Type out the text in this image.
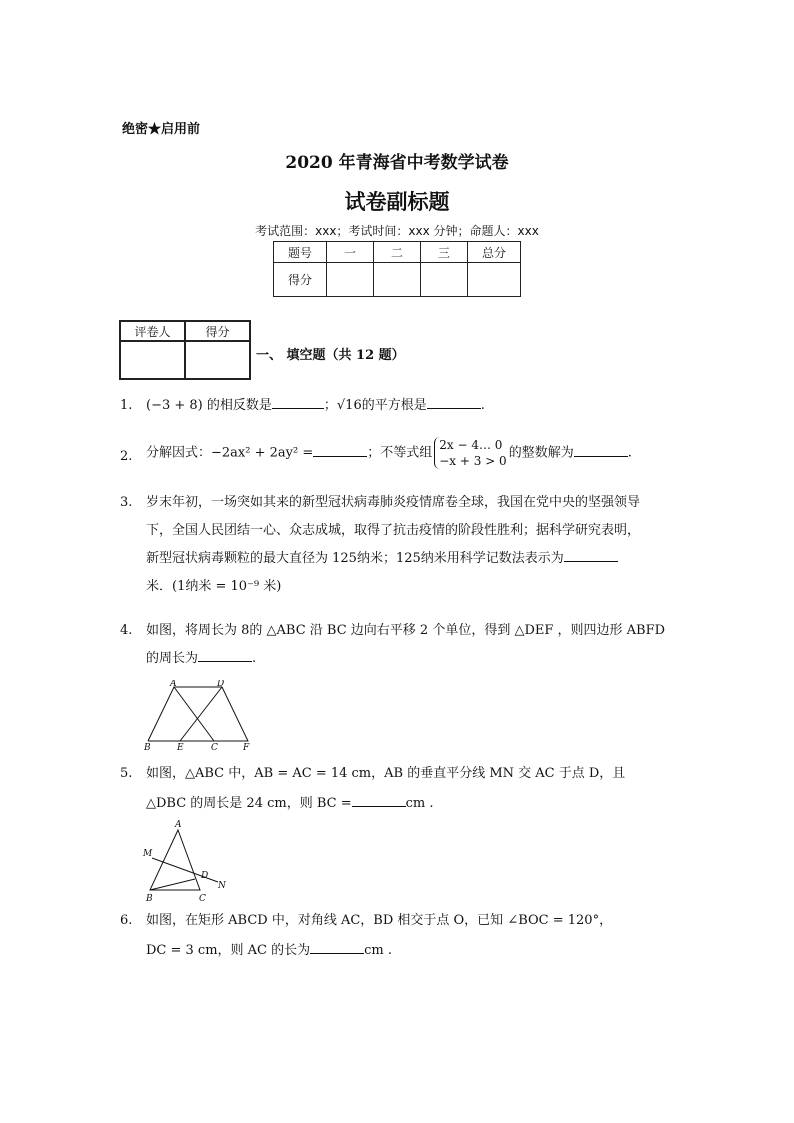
绝密★启用前
2020 年青海省中考数学试卷
试卷副标题
考试范围：xxx；考试时间：xxx 分钟；命题人：xxx
题号	一	二	三	总分
得分				
评卷人	得分

一、 填空题（共 12 题）
1.	(−3 + 8) 的相反数是	；√16的平方根是	.
2.	分解因式：−2ax² + 2ay² =	；不等式组
2x − 4… 0
−x + 3 > 0
的整数解为	.
3.	岁末年初，一场突如其来的新型冠状病毒肺炎疫情席卷全球，我国在党中央的坚强领导
下，全国人民团结一心、众志成城，取得了抗击疫情的阶段性胜利；据科学研究表明，
新型冠状病毒颗粒的最大直径为 125纳米；125纳米用科学记数法表示为
米．(1纳米 = 10⁻⁹ 米)
4.	如图，将周长为 8的 △ABC 沿 BC 边向右平移 2 个单位，得到 △DEF ，则四边形 ABFD
的周长为	.
A	D
B	E	C	F
5.	如图，△ABC 中，AB = AC = 14 cm，AB 的垂直平分线 MN 交 AC 于点 D，且
△DBC 的周长是 24 cm，则 BC =	cm .
A
M
D
N
B	C
6.	如图，在矩形 ABCD 中，对角线 AC，BD 相交于点 O，已知 ∠BOC = 120°，
DC = 3 cm，则 AC 的长为	cm .
